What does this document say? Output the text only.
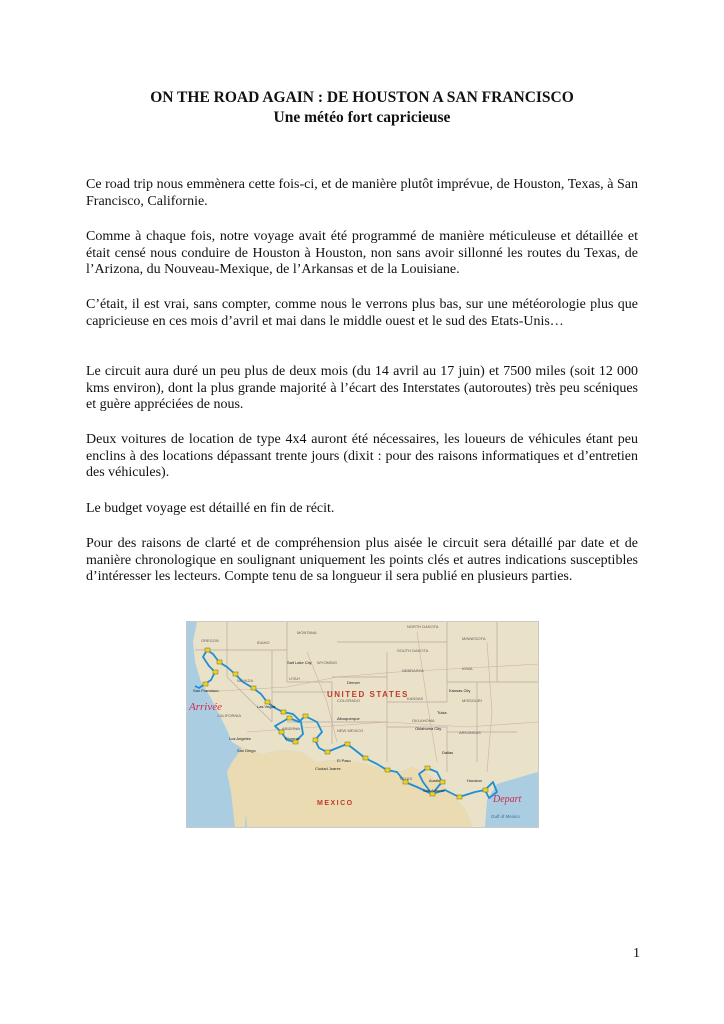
ON THE ROAD AGAIN : DE HOUSTON A SAN FRANCISCO
Une météo fort capricieuse

Ce road trip nous emmènera cette fois-ci, et de manière plutôt imprévue, de Houston, Texas, à San Francisco, Californie.

Comme à chaque fois, notre voyage avait été programmé de manière méticuleuse et détaillée et était censé nous conduire de Houston à Houston, non sans avoir sillonné les routes du Texas, de l’Arizona, du Nouveau-Mexique, de l’Arkansas et de la Louisiane.

C’était, il est vrai, sans compter, comme nous le verrons plus bas, sur une météorologie plus que capricieuse en ces mois d’avril et mai dans le middle ouest et le sud des Etats-Unis…

Le circuit aura duré un peu plus de deux mois (du 14 avril au 17 juin) et 7500 miles (soit 12 000 kms environ), dont la plus grande majorité à l’écart des Interstates (autoroutes) très peu scéniques et guère appréciées de nous.

Deux voitures de location de type 4x4 auront été nécessaires, les loueurs de véhicules étant peu enclins à des locations dépassant trente jours (dixit : pour des raisons informatiques et d’entretien des véhicules).

Le budget voyage est détaillé en fin de récit.

Pour des raisons de clarté et de compréhension plus aisée le circuit sera détaillé par date et de manière chronologique en soulignant uniquement les points clés et autres indications susceptibles d’intéresser les lecteurs. Compte tenu de sa longueur il sera publié en plusieurs parties.

UNITED STATES
MEXICO
Arrivée
Depart
Gulf of Mexico
OREGON	IDAHO
MONTANA
WYOMING
NEVADA	UTAH
COLORADO
ARIZONA	NEW MEXICO
TEXAS
KANSAS
NEBRASKA
SOUTH DAKOTA
NORTH DAKOTA
OKLAHOMA
MISSOURI
ARKANSAS
IOWA
MINNESOTA
CALIFORNIA
San Francisco
Los Angeles
San Diego
Phoenix
Denver
Albuquerque
El Paso
Dallas
Houston
San Antonio
Las Vegas
Salt Lake City
Kansas City
Tulsa
Ciudad Juarez
Oklahoma City
Austin
1
